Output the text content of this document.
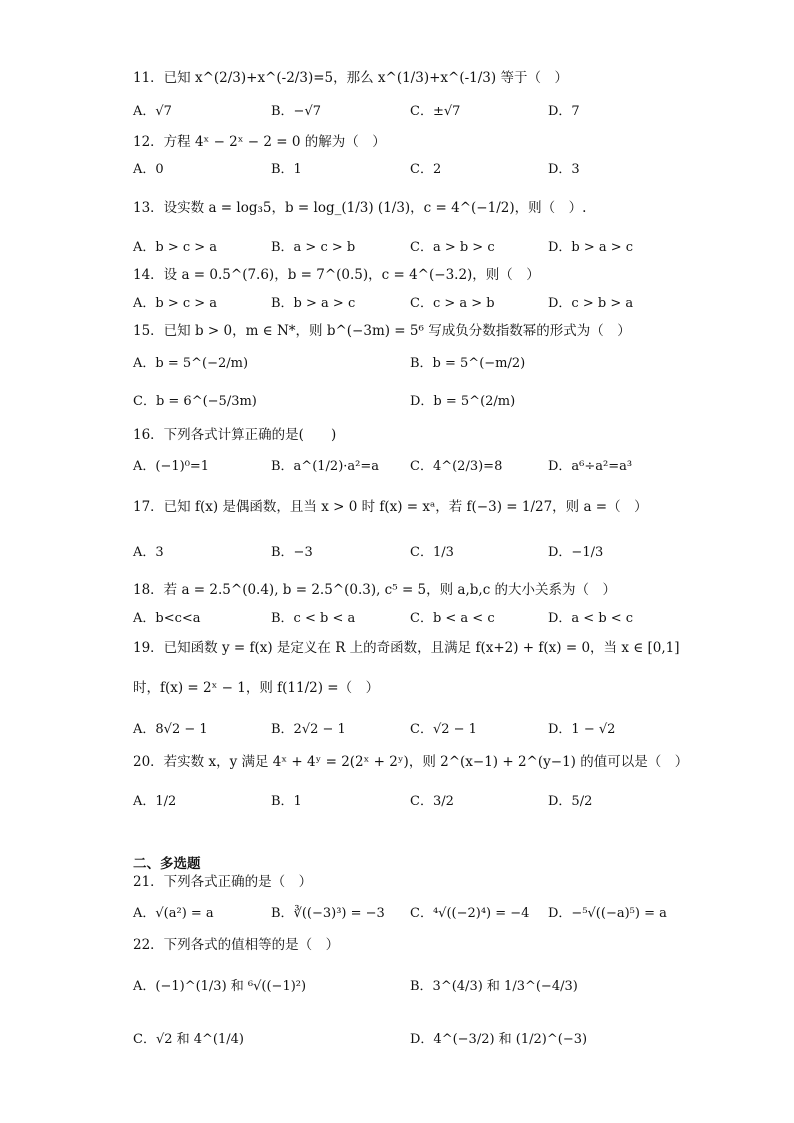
11．已知 x^(2/3)+x^(-2/3)=5，那么 x^(1/3)+x^(-1/3) 等于（　）
A．√7	B．−√7	C．±√7	D．7
12．方程 4ˣ − 2ˣ − 2 = 0 的解为（　）
A．0	B．1	C．2	D．3
13．设实数 a = log₃5，b = log_(1/3) (1/3)，c = 4^(−1/2)，则（　）.
A．b > c > a	B．a > c > b	C．a > b > c	D．b > a > c
14．设 a = 0.5^(7.6)，b = 7^(0.5)，c = 4^(−3.2)，则（　）
A．b > c > a	B．b > a > c	C．c > a > b	D．c > b > a
15．已知 b > 0，m ∈ N*，则 b^(−3m) = 5⁶ 写成负分数指数幂的形式为（　）
A．b = 5^(−2/m)	B．b = 5^(−m/2)
C．b = 6^(−5/3m)	D．b = 5^(2/m)
16．下列各式计算正确的是(　　)
A．(−1)⁰=1	B．a^(1/2)·a²=a C．4^(2/3)=8	D．a⁶÷a²=a³
17．已知 f(x) 是偶函数，且当 x > 0 时 f(x) = xᵃ，若 f(−3) = 1/27，则 a =（　）
A．3	B．−3	C．1/3	D．−1/3
18．若 a = 2.5^(0.4), b = 2.5^(0.3), c⁵ = 5，则 a,b,c 的大小关系为（　）
A．b<c<a	B．c < b < a	C．b < a < c	D．a < b < c
19．已知函数 y = f(x) 是定义在 R 上的奇函数，且满足 f(x+2) + f(x) = 0，当 x ∈ [0,1]
时，f(x) = 2ˣ − 1，则 f(11/2) =（　）
A．8√2 − 1	B．2√2 − 1	C．√2 − 1	D．1 − √2
20．若实数 x，y 满足 4ˣ + 4ʸ = 2(2ˣ + 2ʸ)，则 2^(x−1) + 2^(y−1) 的值可以是（　）
A．1/2	B．1	C．3/2	D．5/2
二、多选题
21．下列各式正确的是（　）
A．√(a²) = a	B．∛((−3)³) = −3 C．⁴√((−2)⁴) = −4 D．−⁵√((−a)⁵) = a
22．下列各式的值相等的是（　）
A．(−1)^(1/3) 和 ⁶√((−1)²)	B．3^(4/3) 和 1/3^(−4/3)
C．√2 和 4^(1/4)	D．4^(−3/2) 和 (1/2)^(−3)
